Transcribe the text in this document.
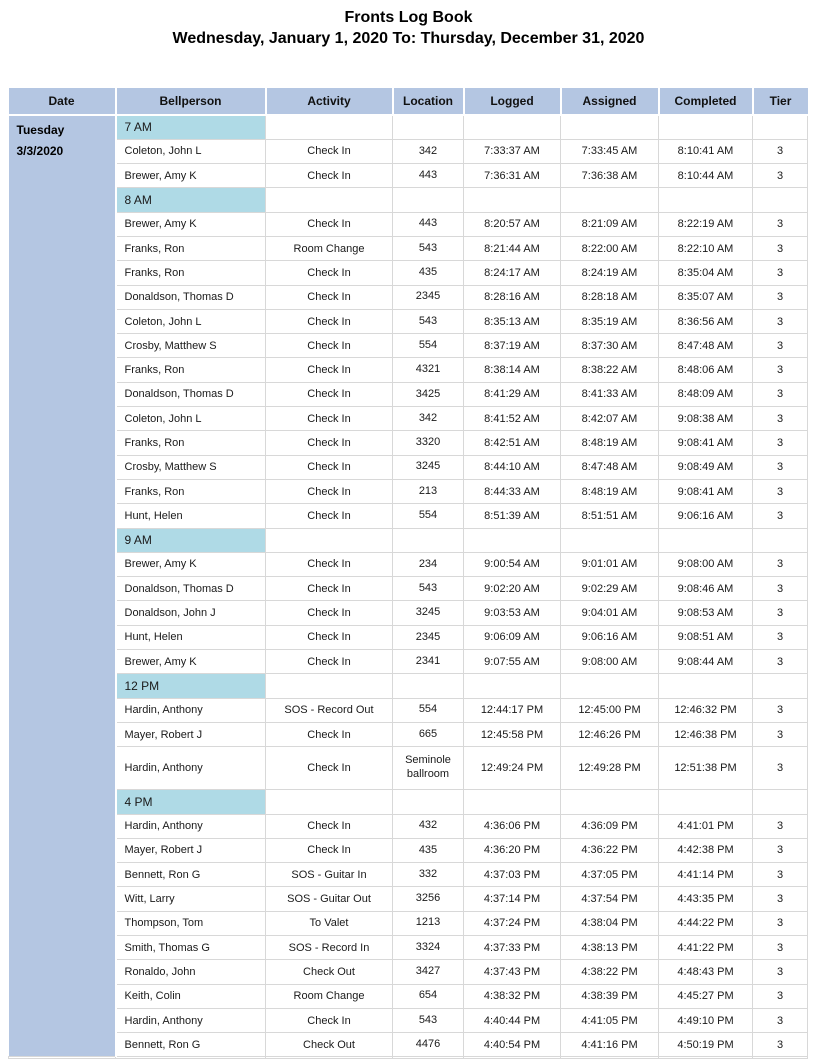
Fronts Log Book
Wednesday, January 1, 2020 To: Thursday, December 31, 2020
Date	Bellperson	Activity	Location	Logged	Assigned	Completed	Tier

Tuesday
3/3/2020	7 AM						
	Coleton, John L	Check In	342	7:33:37 AM	7:33:45 AM	8:10:41 AM	3
	Brewer, Amy K	Check In	443	7:36:31 AM	7:36:38 AM	8:10:44 AM	3
	8 AM						
	Brewer, Amy K	Check In	443	8:20:57 AM	8:21:09 AM	8:22:19 AM	3
	Franks, Ron	Room Change	543	8:21:44 AM	8:22:00 AM	8:22:10 AM	3
	Franks, Ron	Check In	435	8:24:17 AM	8:24:19 AM	8:35:04 AM	3
	Donaldson, Thomas D	Check In	2345	8:28:16 AM	8:28:18 AM	8:35:07 AM	3
	Coleton, John L	Check In	543	8:35:13 AM	8:35:19 AM	8:36:56 AM	3
	Crosby, Matthew S	Check In	554	8:37:19 AM	8:37:30 AM	8:47:48 AM	3
	Franks, Ron	Check In	4321	8:38:14 AM	8:38:22 AM	8:48:06 AM	3
	Donaldson, Thomas D	Check In	3425	8:41:29 AM	8:41:33 AM	8:48:09 AM	3
	Coleton, John L	Check In	342	8:41:52 AM	8:42:07 AM	9:08:38 AM	3
	Franks, Ron	Check In	3320	8:42:51 AM	8:48:19 AM	9:08:41 AM	3
	Crosby, Matthew S	Check In	3245	8:44:10 AM	8:47:48 AM	9:08:49 AM	3
	Franks, Ron	Check In	213	8:44:33 AM	8:48:19 AM	9:08:41 AM	3
	Hunt, Helen	Check In	554	8:51:39 AM	8:51:51 AM	9:06:16 AM	3
	9 AM						
	Brewer, Amy K	Check In	234	9:00:54 AM	9:01:01 AM	9:08:00 AM	3
	Donaldson, Thomas D	Check In	543	9:02:20 AM	9:02:29 AM	9:08:46 AM	3
	Donaldson, John J	Check In	3245	9:03:53 AM	9:04:01 AM	9:08:53 AM	3
	Hunt, Helen	Check In	2345	9:06:09 AM	9:06:16 AM	9:08:51 AM	3
	Brewer, Amy K	Check In	2341	9:07:55 AM	9:08:00 AM	9:08:44 AM	3
	12 PM						
	Hardin, Anthony	SOS - Record Out	554	12:44:17 PM	12:45:00 PM	12:46:32 PM	3
	Mayer, Robert J	Check In	665	12:45:58 PM	12:46:26 PM	12:46:38 PM	3
	Hardin, Anthony	Check In	Seminole ballroom	12:49:24 PM	12:49:28 PM	12:51:38 PM	3
	4 PM						
	Hardin, Anthony	Check In	432	4:36:06 PM	4:36:09 PM	4:41:01 PM	3
	Mayer, Robert J	Check In	435	4:36:20 PM	4:36:22 PM	4:42:38 PM	3
	Bennett, Ron G	SOS - Guitar In	332	4:37:03 PM	4:37:05 PM	4:41:14 PM	3
	Witt, Larry	SOS - Guitar Out	3256	4:37:14 PM	4:37:54 PM	4:43:35 PM	3
	Thompson, Tom	To Valet	1213	4:37:24 PM	4:38:04 PM	4:44:22 PM	3
	Smith, Thomas G	SOS - Record In	3324	4:37:33 PM	4:38:13 PM	4:41:22 PM	3
	Ronaldo, John	Check Out	3427	4:37:43 PM	4:38:22 PM	4:48:43 PM	3
	Keith, Colin	Room Change	654	4:38:32 PM	4:38:39 PM	4:45:27 PM	3
	Hardin, Anthony	Check In	543	4:40:44 PM	4:41:05 PM	4:49:10 PM	3
	Bennett, Ron G	Check Out	4476	4:40:54 PM	4:41:16 PM	4:50:19 PM	3
